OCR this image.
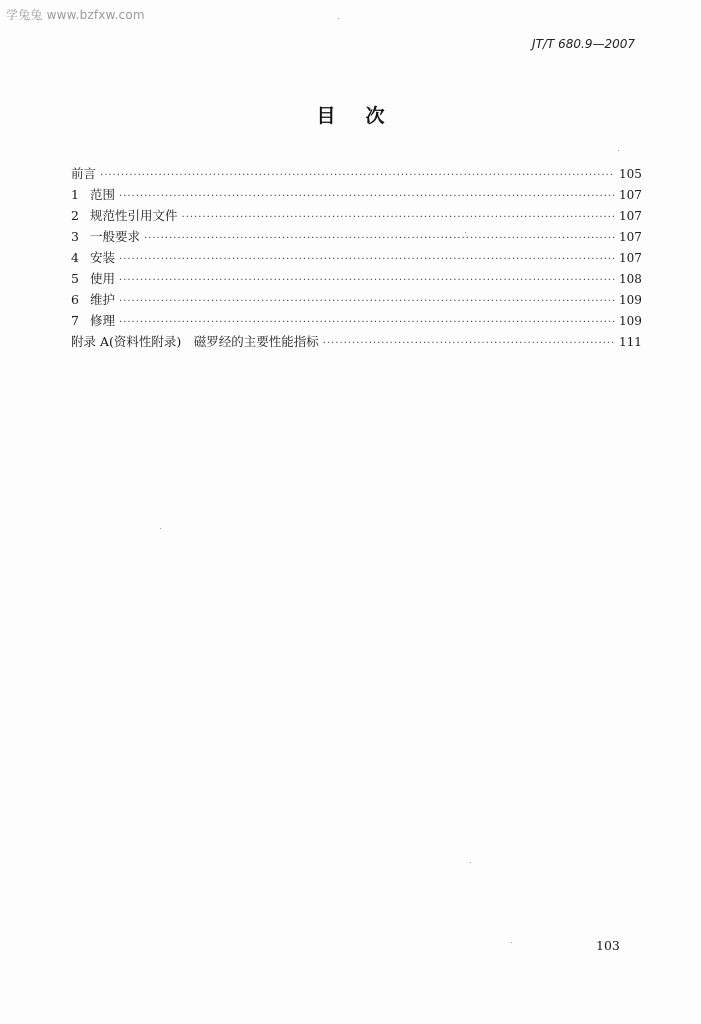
学兔兔 www.bzfxw.com
JT/T 680.9—2007
目次
前言 ·····	105
1 范围 ·····	107
2 规范性引用文件 ·····	107
3 一般要求 ·····	107
4 安装 ·····	107
5 使用 ·····	108
6 维护 ·····	109
7 修理 ·····	109
附录 A(资料性附录)　磁罗经的主要性能指标 ·····	111
103
